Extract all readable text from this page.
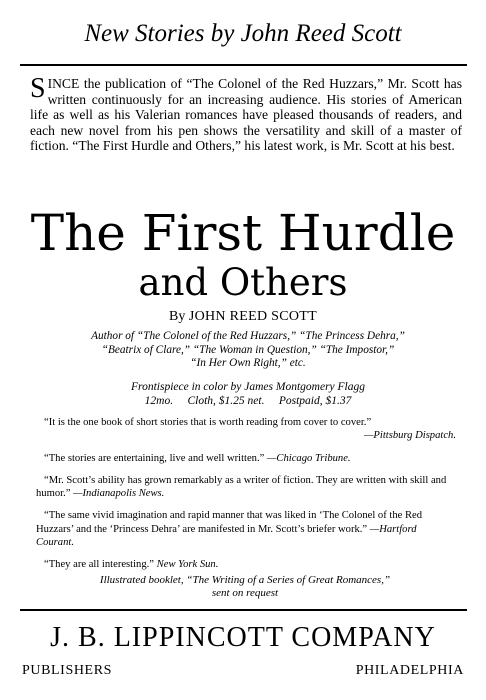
New Stories by John Reed Scott
S INCE the publication of “The Colonel of the Red Huzzars,” Mr. Scott has written continuously for an increasing audience. His stories of American life as well as his Valerian romances have pleased thousands of readers, and each new novel from his pen shows the versatility and skill of a master of fiction. “The First Hurdle and Others,” his latest work, is Mr. Scott at his best.
The First Hurdle
and Others
By JOHN REED SCOTT
Author of “The Colonel of the Red Huzzars,” “The Princess Dehra,”
“Beatrix of Clare,” “The Woman in Question,” “The Impostor,”
“In Her Own Right,” etc.
Frontispiece in color by James Montgomery Flagg
12mo.     Cloth, $1.25 net.     Postpaid, $1.37
“It is the one book of short stories that is worth reading from cover to cover.”
—Pittsburg Dispatch.
“The stories are entertaining, live and well written.” —Chicago Tribune.
“Mr. Scott’s ability has grown remarkably as a writer of fiction. They are written with skill and humor.” —Indianapolis News.
“The same vivid imagination and rapid manner that was liked in ‘The Colonel of the Red Huzzars’ and the ‘Princess Dehra’ are manifested in Mr. Scott’s briefer work.” —Hartford Courant.
“They are all interesting.” New York Sun.
Illustrated booklet, “The Writing of a Series of Great Romances,”
sent on request
J. B. LIPPINCOTT COMPANY
PUBLISHERS	PHILADELPHIA
